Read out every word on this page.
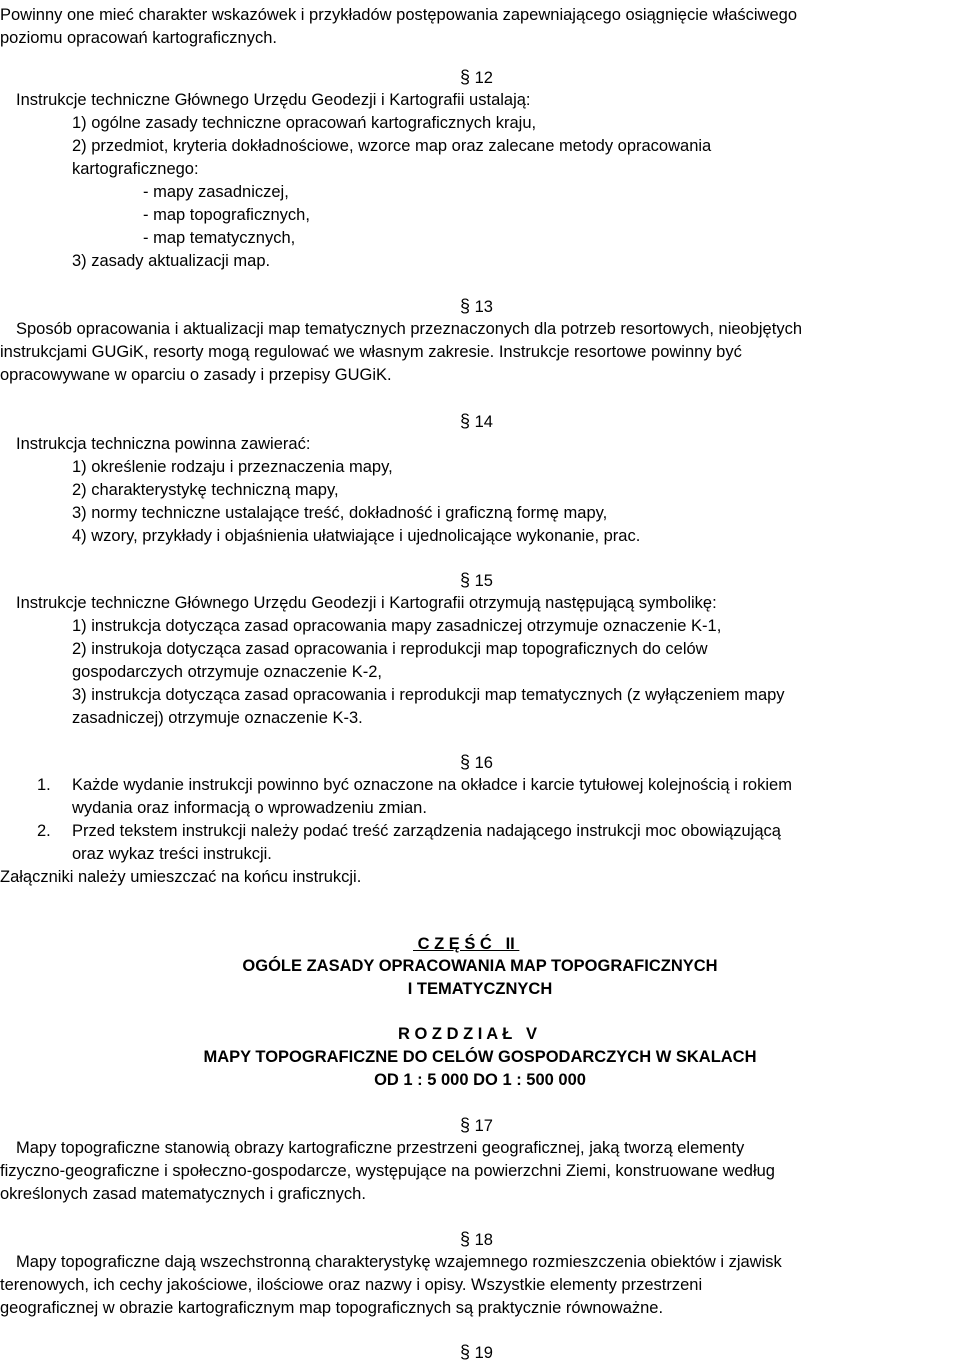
Powinny one mieć charakter wskazówek i przykładów postępowania zapewniającego osiągnięcie właściwego
poziomu opracowań kartograficznych.
§ 12
Instrukcje techniczne Głównego Urzędu Geodezji i Kartografii ustalają:
1) ogólne zasady techniczne opracowań kartograficznych kraju,
2) przedmiot, kryteria dokładnościowe, wzorce map oraz zalecane metody opracowania
kartograficznego:
- mapy zasadniczej,
- map topograficznych,
- map tematycznych,
3) zasady aktualizacji map.
§ 13
Sposób opracowania i aktualizacji map tematycznych przeznaczonych dla potrzeb resortowych, nieobjętych
instrukcjami GUGiK, resorty mogą regulować we własnym zakresie. Instrukcje resortowe powinny być
opracowywane w oparciu o zasady i przepisy GUGiK.
§ 14
Instrukcja techniczna powinna zawierać:
1) określenie rodzaju i przeznaczenia mapy,
2) charakterystykę techniczną mapy,
3) normy techniczne ustalające treść, dokładność i graficzną formę mapy,
4) wzory, przykłady i objaśnienia ułatwiające i ujednolicające wykonanie, prac.
§ 15
Instrukcje techniczne Głównego Urzędu Geodezji i Kartografii otrzymują następującą symbolikę:
1) instrukcja dotycząca zasad opracowania mapy zasadniczej otrzymuje oznaczenie K-1,
2) instrukoja dotycząca zasad opracowania i reprodukcji map topograficznych do celów
gospodarczych otrzymuje oznaczenie K-2,
3) instrukcja dotycząca zasad opracowania i reprodukcji map tematycznych (z wyłączeniem mapy
zasadniczej) otrzymuje oznaczenie K-3.
§ 16
1. Każde wydanie instrukcji powinno być oznaczone na okładce i karcie tytułowej kolejnością i rokiem
wydania oraz informacją o wprowadzeniu zmian.
2. Przed tekstem instrukcji należy podać treść zarządzenia nadającego instrukcji moc obowiązującą
oraz wykaz treści instrukcji.
Załączniki należy umieszczać na końcu instrukcji.
C Z Ę Ś Ć   II
OGÓLE ZASADY OPRACOWANIA MAP TOPOGRAFICZNYCH
I TEMATYCZNYCH
R O Z D Z I A Ł   V
MAPY TOPOGRAFICZNE DO CELÓW GOSPODARCZYCH W SKALACH
OD 1 : 5 000 DO 1 : 500 000
§ 17
Mapy topograficzne stanowią obrazy kartograficzne przestrzeni geograficznej, jaką tworzą elementy
fizyczno-geograficzne i społeczno-gospodarcze, występujące na powierzchni Ziemi, konstruowane według
określonych zasad matematycznych i graficznych.
§ 18
Mapy topograficzne dają wszechstronną charakterystykę wzajemnego rozmieszczenia obiektów i zjawisk
terenowych, ich cechy jakościowe, ilościowe oraz nazwy i opisy. Wszystkie elementy przestrzeni
geograficznej w obrazie kartograficznym map topograficznych są praktycznie równoważne.
§ 19
